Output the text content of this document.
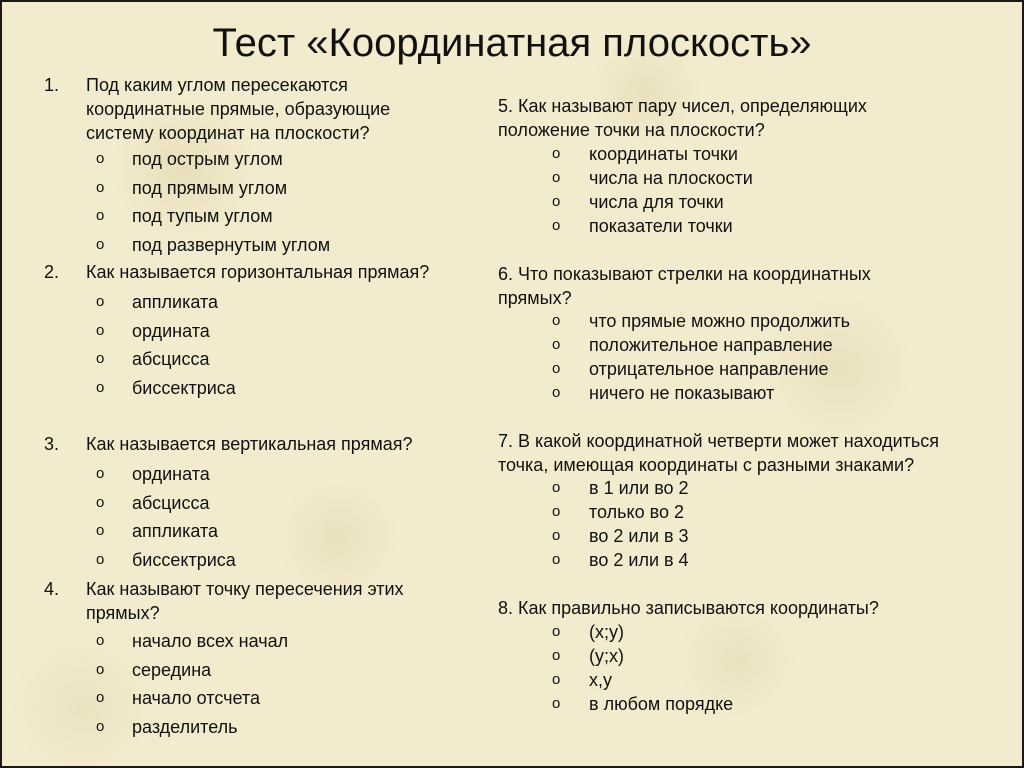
Тест «Координатная плоскость»
1. Под каким углом пересекаются
координатные прямые, образующие
систему координат на плоскости?
o под острым углом
o под прямым углом
o под тупым углом
o под развернутым углом
2. Как называется горизонтальная прямая?
o аппликата
o ордината
o абсцисса
o биссектриса
3. Как называется вертикальная прямая?
o ордината
o абсцисса
o аппликата
o биссектриса
4. Как называют точку пересечения этих
прямых?
o начало всех начал
o середина
o начало отсчета
o разделитель
5. Как называют пару чисел, определяющих
положение точки на плоскости?
o координаты точки
o числа на плоскости
o числа для точки
o показатели точки
6. Что показывают стрелки на координатных
прямых?
o что прямые можно продолжить
o положительное направление
o отрицательное направление
o ничего не показывают
7. В какой координатной четверти может находиться
точка, имеющая координаты с разными знаками?
o в 1 или во 2
o только во 2
o во 2 или в 3
o во 2 или в 4
8. Как правильно записываются координаты?
o (x;y)
o (y;x)
o x,y
o в любом порядке
